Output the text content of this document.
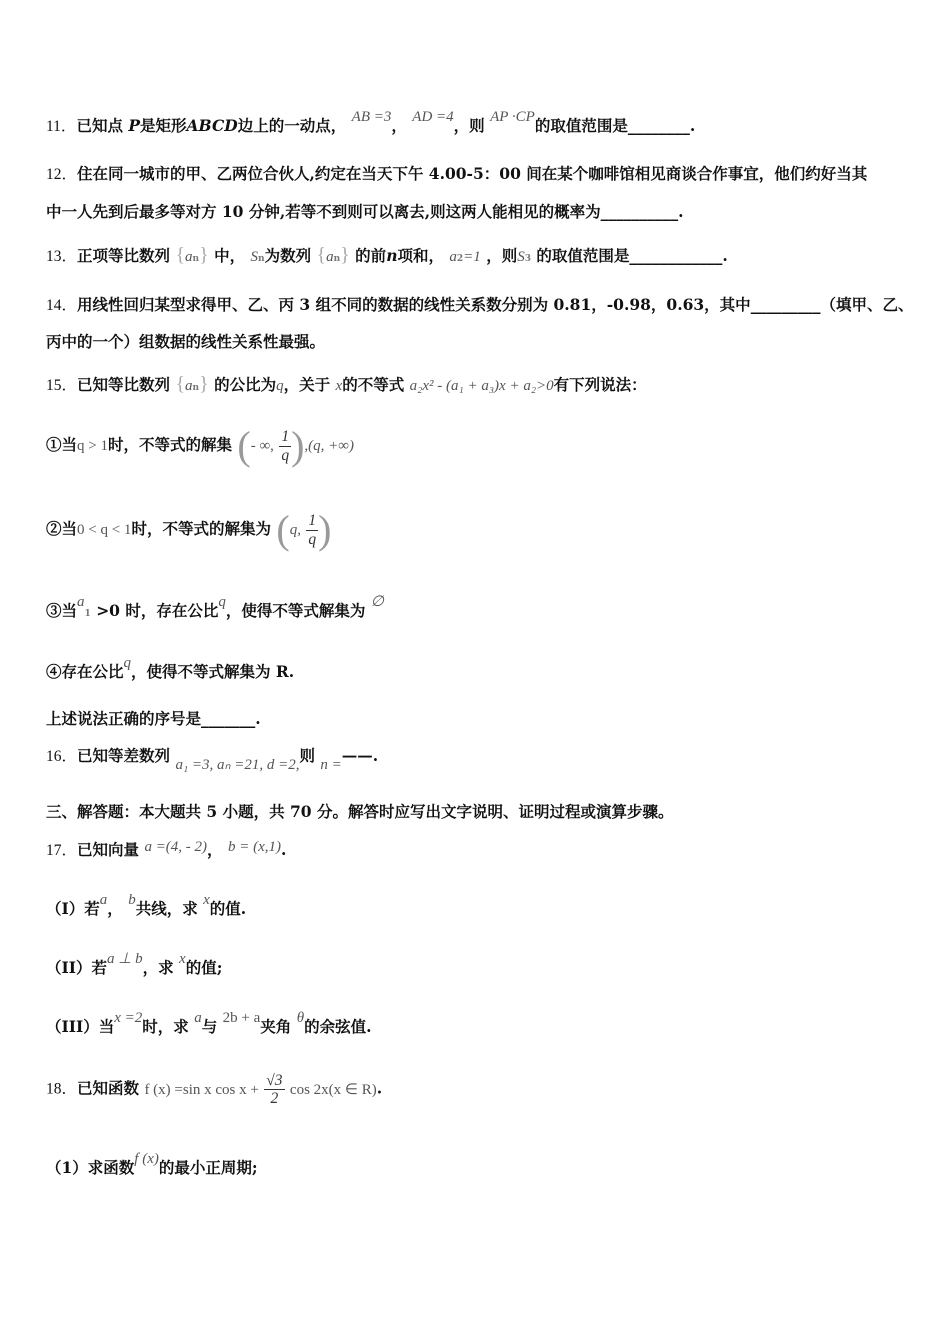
11．已知点 P是矩形ABCD边上的一动点， AB =3， AD =4，则 AP ·CP的取值范围是________.
12．住在同一城市的甲、乙两位合伙人,约定在当天下午 4.00-5：00 间在某个咖啡馆相见商谈合作事宜，他们约好当其
中一人先到后最多等对方 10 分钟,若等不到则可以离去,则这两人能相见的概率为__________.
13．正项等比数列 {an} 中， Sn为数列 {an} 的前n项和， a2=1 ，则S3 的取值范围是____________.
14．用线性回归某型求得甲、乙、丙 3 组不同的数据的线性关系数分别为 0.81，-0.98，0.63，其中_________（填甲、乙、
丙中的一个）组数据的线性关系性最强。
15．已知等比数列 {an} 的公比为q，关于 x的不等式 a₂x² - (a₁ + a₃)x + a₂>0有下列说法：
①当q > 1时，不等式的解集 (- ∞, $\frac{1}{q} ),(q$, +∞)
②当0 < q < 1时，不等式的解集为 (q, $\frac{1}{q}$ )
③当a1 >0 时，存在公比q，使得不等式解集为 ∅
④存在公比q，使得不等式解集为 R.
上述说法正确的序号是_______.
16．已知等差数列 a₁ =3, aₙ =21, d =2,则 n =——.
三、解答题：本大题共 5 小题，共 70 分。解答时应写出文字说明、证明过程或演算步骤。
17．已知向量 a =(4, - 2)， b = (x,1).
（I）若a， b共线，求 x的值.
（II）若a ⊥ b，求 x的值;
（III）当x =2时，求 a与 2b + a夹角 θ的余弦值.
18．已知函数 f (x) =sin x $\cos x + \frac{√3}{2}$ cos 2x(x ∈ R).
（1）求函数f (x)的最小正周期;
